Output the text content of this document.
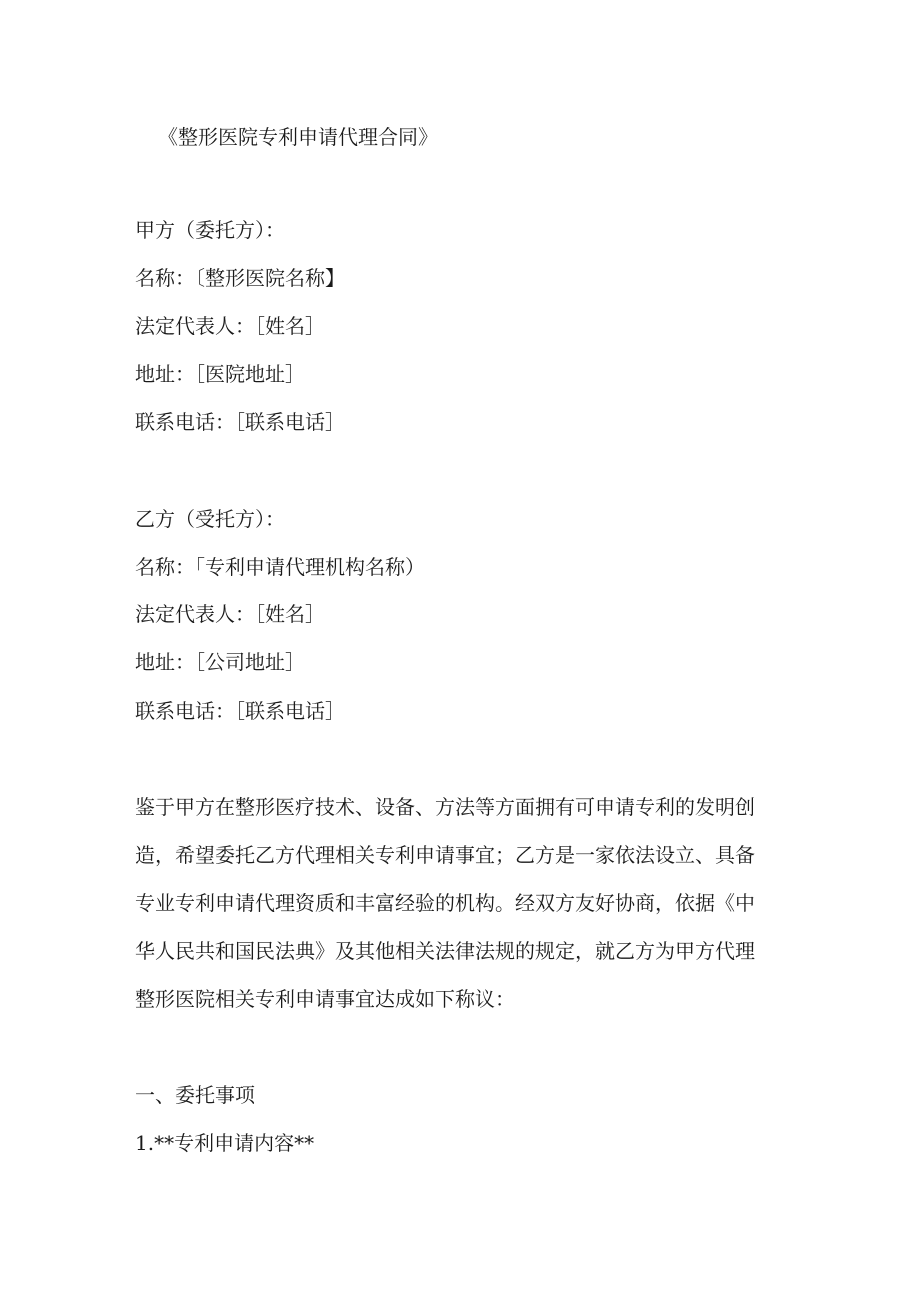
《整形医院专利申请代理合同》
甲方（委托方）：
名称：〔整形医院名称】
法定代表人：［姓名］
地址：［医院地址］
联系电话：［联系电话］
乙方（受托方）：
名称：「专利申请代理机构名称）
法定代表人：［姓名］
地址：［公司地址］
联系电话：［联系电话］
鉴于甲方在整形医疗技术、设备、方法等方面拥有可申请专利的发明创
造，希望委托乙方代理相关专利申请事宜；乙方是一家依法设立、具备
专业专利申请代理资质和丰富经验的机构。经双方友好协商，依据《中
华人民共和国民法典》及其他相关法律法规的规定，就乙方为甲方代理
整形医院相关专利申请事宜达成如下称议：
一、委托事项
1.**专利申请内容**
